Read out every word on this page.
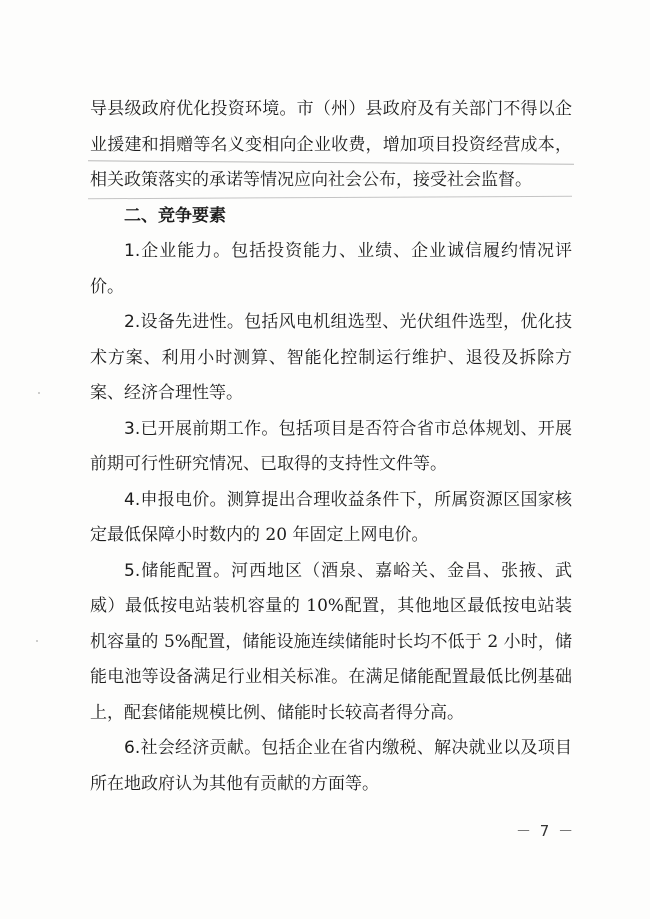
导县级政府优化投资环境。市（州）县政府及有关部门不得以企业援建和捐赠等名义变相向企业收费，增加项目投资经营成本，相关政策落实的承诺等情况应向社会公布，接受社会监督。

二、竞争要素

1.企业能力。包括投资能力、业绩、企业诚信履约情况评价。

2.设备先进性。包括风电机组选型、光伏组件选型，优化技术方案、利用小时测算、智能化控制运行维护、退役及拆除方案、经济合理性等。

3.已开展前期工作。包括项目是否符合省市总体规划、开展前期可行性研究情况、已取得的支持性文件等。

4.申报电价。测算提出合理收益条件下，所属资源区国家核定最低保障小时数内的 20 年固定上网电价。

5.储能配置。河西地区（酒泉、嘉峪关、金昌、张掖、武威）最低按电站装机容量的 10%配置，其他地区最低按电站装机容量的 5%配置，储能设施连续储能时长均不低于 2 小时，储能电池等设备满足行业相关标准。在满足储能配置最低比例基础上，配套储能规模比例、储能时长较高者得分高。

6.社会经济贡献。包括企业在省内缴税、解决就业以及项目所在地政府认为其他有贡献的方面等。

－ 7 －
